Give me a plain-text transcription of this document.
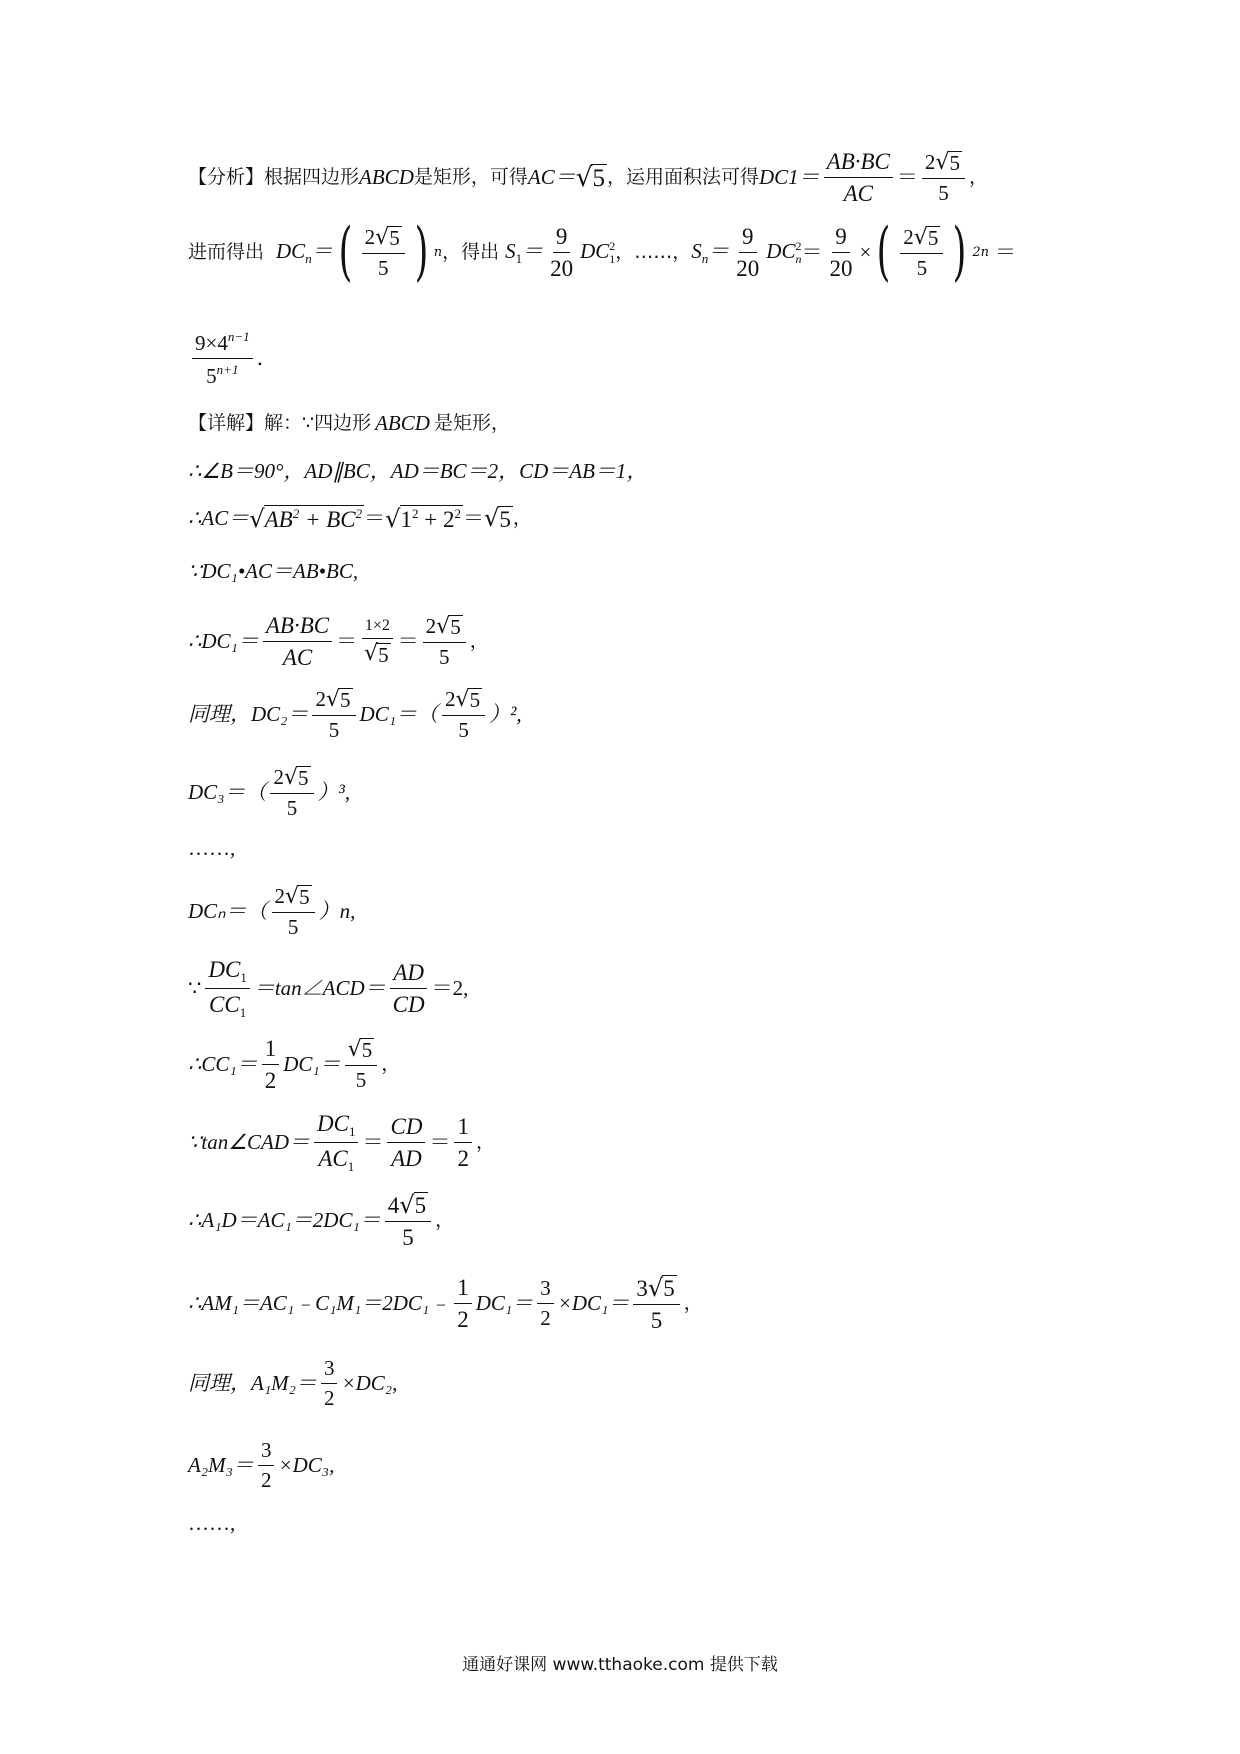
【分析】 根据四边形 ABCD 是矩形，可得 AC＝ √ 5 ，运用面积法可得 $DC1= \frac{AB\cdot BC}{AC} = \frac{2 √ 5}{5}$ ，
进而得出 $DC_n=$ ( $\frac{2 √ 5}{5}$ ) n ，得出 $S_1= \frac{9}{20}$ DC 2
1 ，……， $S_n= \frac{9}{20}$ DC 2
$n = \frac{9}{20}$ × ( $\frac{2 √ 5}{5}$ ) 2n ＝
$\frac{9\times 4^{n-1}}{5^{n+1}}$ ．
【详解】 解：∵四边形 ABCD 是矩形，
∴∠B＝90°，AD∥BC，AD＝BC＝2，CD＝AB＝1，
∴AC＝ √ $AB^2 + BC^2$ ＝ √ $1^2 + 2^2$ ＝ √ 5 ，
∵DC₁•AC＝AB•BC,
∴DC₁＝ $\frac{AB\cdot BC}{AC} = \frac{1\times 2}{√ 5} = \frac{2 √ 5}{5}$ ，
同理，$DC_2= \frac{2 √ 5}{5} DC_1=( \frac{2 √ 5}{5} )^2$,
$DC_3=( \frac{2 √ 5}{5} )^3$,
……,
$DC_n=( \frac{2 √ 5}{5} )n$,
∵ $\frac{DC_1}{CC_1}$ ＝tan∠ACD＝ $\frac{AD}{CD} =2$,
∴CC₁＝ $\frac{1}{2} DC_1= \frac{√ 5}{5}$ ，
∵tan∠CAD＝ $\frac{DC_1}{AC_1} = \frac{CD}{AD} = \frac{1}{2}$ ，
∴A₁D＝AC₁＝2DC₁＝ $\frac{4 √ 5}{5}$ ，
∴AM₁＝AC₁﹣C₁M₁＝2DC₁﹣ $\frac{1}{2} DC_1= \frac{3}{2} \times DC_1= \frac{3 √ 5}{5}$ ，
同理，$A_1M_2= \frac{3}{2} \times DC_2$,
$A_2M_3= \frac{3}{2} \times DC_3$,
……,
通通好课网 www.tthaoke.com 提供下载
